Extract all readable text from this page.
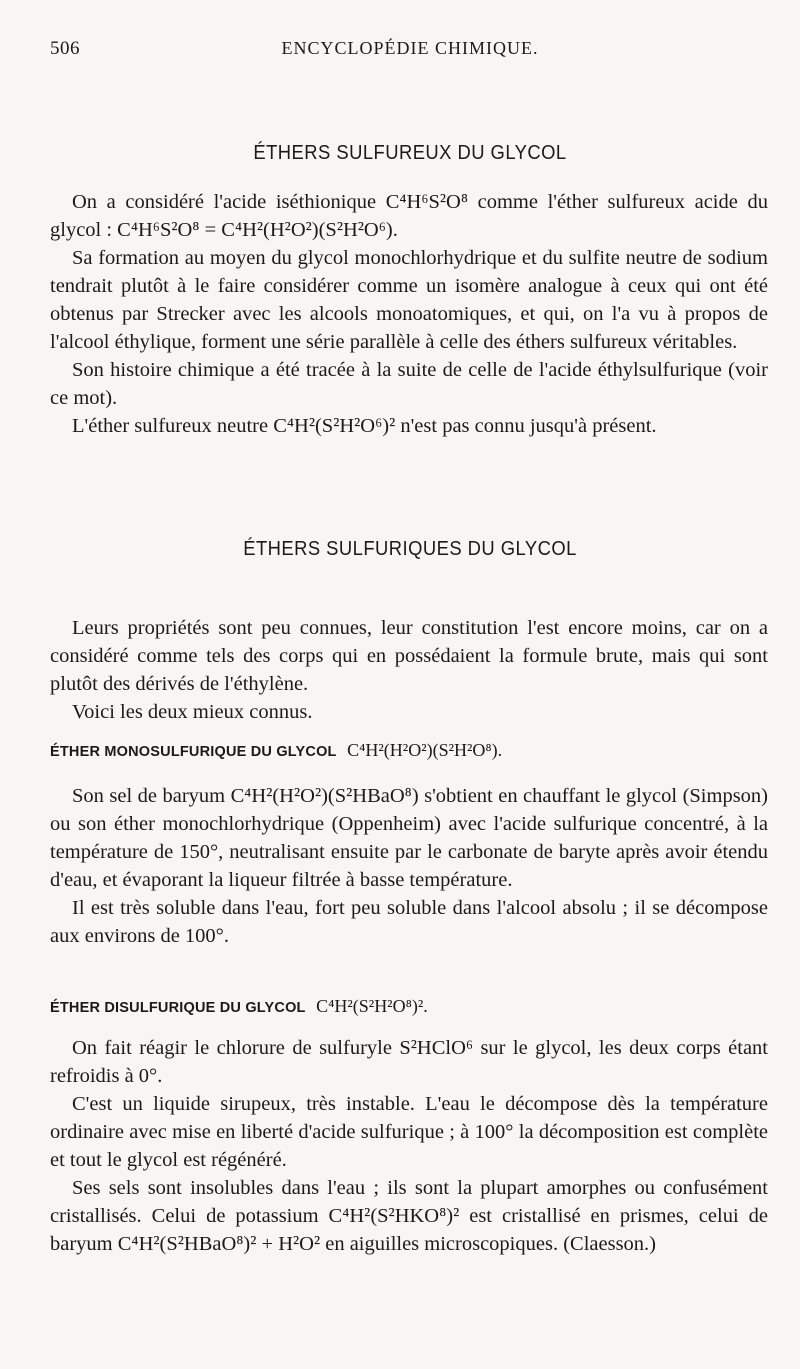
506	ENCYCLOPÉDIE CHIMIQUE.
ÉTHERS SULFUREUX DU GLYCOL

On a considéré l'acide iséthionique C⁴H⁶S²O⁸ comme l'éther sulfureux acide du glycol : C⁴H⁶S²O⁸ = C⁴H²(H²O²)(S²H²O⁶).

Sa formation au moyen du glycol monochlorhydrique et du sulfite neutre de sodium tendrait plutôt à le faire considérer comme un isomère analogue à ceux qui ont été obtenus par Strecker avec les alcools monoatomiques, et qui, on l'a vu à propos de l'alcool éthylique, forment une série parallèle à celle des éthers sulfureux véritables.

Son histoire chimique a été tracée à la suite de celle de l'acide éthylsulfurique (voir ce mot).

L'éther sulfureux neutre C⁴H²(S²H²O⁶)² n'est pas connu jusqu'à présent.

ÉTHERS SULFURIQUES DU GLYCOL

Leurs propriétés sont peu connues, leur constitution l'est encore moins, car on a considéré comme tels des corps qui en possédaient la formule brute, mais qui sont plutôt des dérivés de l'éthylène.

Voici les deux mieux connus.

ÉTHER MONOSULFURIQUE DU GLYCOL C⁴H²(H²O²)(S²H²O⁸).

Son sel de baryum C⁴H²(H²O²)(S²HBaO⁸) s'obtient en chauffant le glycol (Simpson) ou son éther monochlorhydrique (Oppenheim) avec l'acide sulfurique concentré, à la température de 150°, neutralisant ensuite par le carbonate de baryte après avoir étendu d'eau, et évaporant la liqueur filtrée à basse température.

Il est très soluble dans l'eau, fort peu soluble dans l'alcool absolu ; il se décompose aux environs de 100°.

ÉTHER DISULFURIQUE DU GLYCOL C⁴H²(S²H²O⁸)².

On fait réagir le chlorure de sulfuryle S²HClO⁶ sur le glycol, les deux corps étant refroidis à 0°.

C'est un liquide sirupeux, très instable. L'eau le décompose dès la température ordinaire avec mise en liberté d'acide sulfurique ; à 100° la décomposition est complète et tout le glycol est régénéré.

Ses sels sont insolubles dans l'eau ; ils sont la plupart amorphes ou confusément cristallisés. Celui de potassium C⁴H²(S²HKO⁸)² est cristallisé en prismes, celui de baryum C⁴H²(S²HBaO⁸)² + H²O² en aiguilles microscopiques. (Claesson.)
